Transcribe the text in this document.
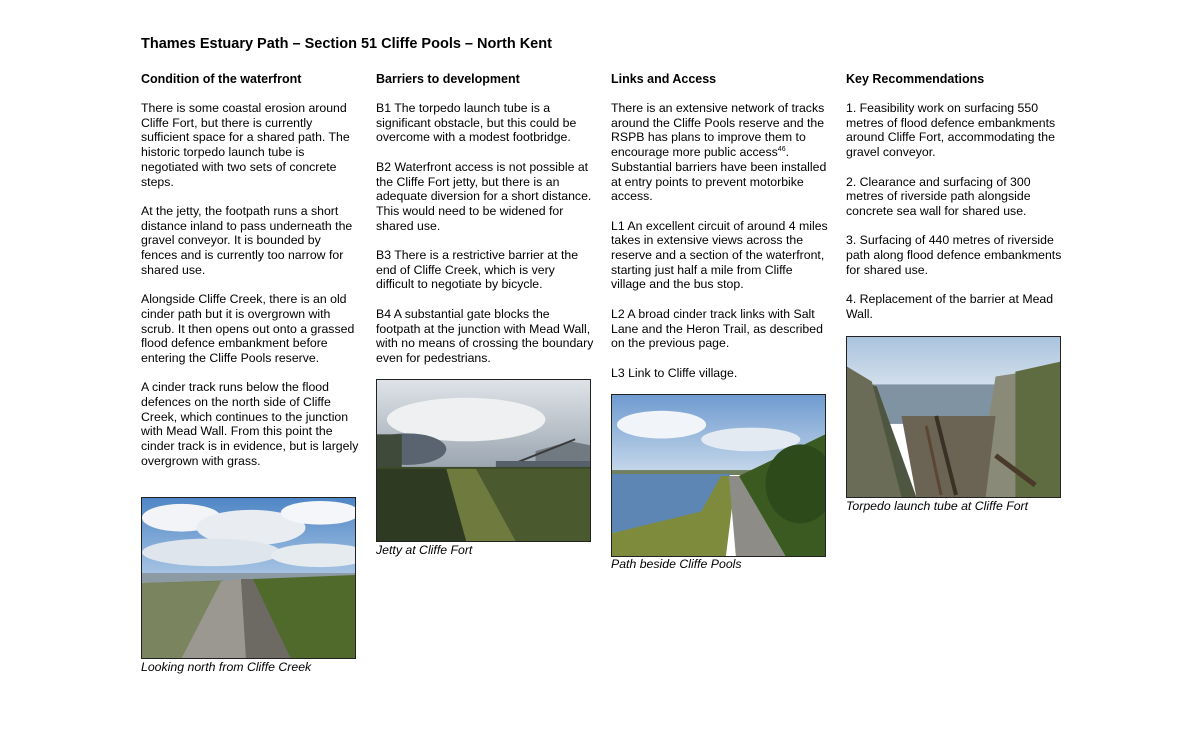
Thames Estuary Path – Section 51 Cliffe Pools – North Kent

Condition of the waterfront

There is some coastal erosion around Cliffe Fort, but there is currently sufficient space for a shared path. The historic torpedo launch tube is negotiated with two sets of concrete steps.

At the jetty, the footpath runs a short distance inland to pass underneath the gravel conveyor. It is bounded by fences and is currently too narrow for shared use.

Alongside Cliffe Creek, there is an old cinder path but it is overgrown with scrub. It then opens out onto a grassed flood defence embankment before entering the Cliffe Pools reserve.

A cinder track runs below the flood defences on the north side of Cliffe Creek, which continues to the junction with Mead Wall. From this point the cinder track is in evidence, but is largely overgrown with grass.

Barriers to development

B1 The torpedo launch tube is a significant obstacle, but this could be overcome with a modest footbridge.

B2 Waterfront access is not possible at the Cliffe Fort jetty, but there is an adequate diversion for a short distance. This would need to be widened for shared use.

B3 There is a restrictive barrier at the end of Cliffe Creek, which is very difficult to negotiate by bicycle.

B4 A substantial gate blocks the footpath at the junction with Mead Wall, with no means of crossing the boundary even for pedestrians.

Links and Access

There is an extensive network of tracks around the Cliffe Pools reserve and the RSPB has plans to improve them to encourage more public access$^{46}$. Substantial barriers have been installed at entry points to prevent motorbike access.

L1 An excellent circuit of around 4 miles takes in extensive views across the reserve and a section of the waterfront, starting just half a mile from Cliffe village and the bus stop.

L2 A broad cinder track links with Salt Lane and the Heron Trail, as described on the previous page.

L3 Link to Cliffe village.

Key Recommendations

1. Feasibility work on surfacing 550 metres of flood defence embankments around Cliffe Fort, accommodating the gravel conveyor.

2. Clearance and surfacing of 300 metres of riverside path alongside concrete sea wall for shared use.

3. Surfacing of 440 metres of riverside path along flood defence embankments for shared use.

4. Replacement of the barrier at Mead Wall.

Looking north from Cliffe Creek
Jetty at Cliffe Fort
Path beside Cliffe Pools
Torpedo launch tube at Cliffe Fort
